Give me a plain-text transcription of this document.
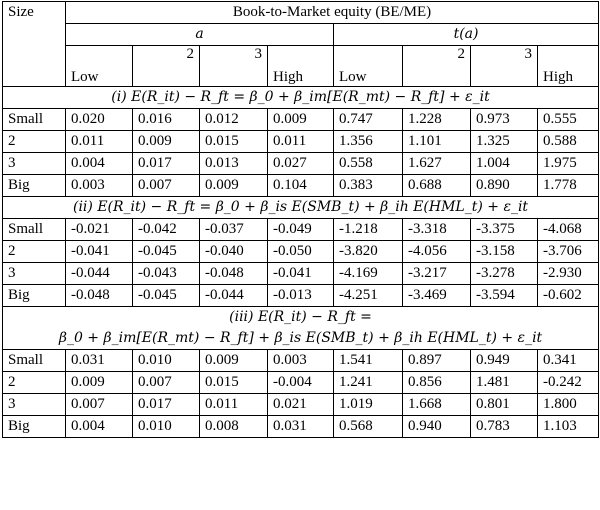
Size	Book-to-Market equity (BE/ME)							
	a				t(a)			

	Low	2	3	High	Low	2	3	High

(i) E(R_it) − R_ft = β_0 + β_im[E(R_mt) − R_ft] + ε_it								
Small	0.020	0.016	0.012	0.009	0.747	1.228	0.973	0.555
2	0.011	0.009	0.015	0.011	1.356	1.101	1.325	0.588
3	0.004	0.017	0.013	0.027	0.558	1.627	1.004	1.975
Big	0.003	0.007	0.009	0.104	0.383	0.688	0.890	1.778
(ii) E(R_it) − R_ft = β_0 + β_is E(SMB_t) + β_ih E(HML_t) + ε_it								
Small	-0.021	-0.042	-0.037	-0.049	-1.218	-3.318	-3.375	-4.068
2	-0.041	-0.045	-0.040	-0.050	-3.820	-4.056	-3.158	-3.706
3	-0.044	-0.043	-0.048	-0.041	-4.169	-3.217	-3.278	-2.930
Big	-0.048	-0.045	-0.044	-0.013	-4.251	-3.469	-3.594	-0.602
(iii) E(R_it) − R_ft =								
β_0 + β_im[E(R_mt) − R_ft] + β_is E(SMB_t) + β_ih E(HML_t) + ε_it								
Small	0.031	0.010	0.009	0.003	1.541	0.897	0.949	0.341
2	0.009	0.007	0.015	-0.004	1.241	0.856	1.481	-0.242
3	0.007	0.017	0.011	0.021	1.019	1.668	0.801	1.800
Big	0.004	0.010	0.008	0.031	0.568	0.940	0.783	1.103
